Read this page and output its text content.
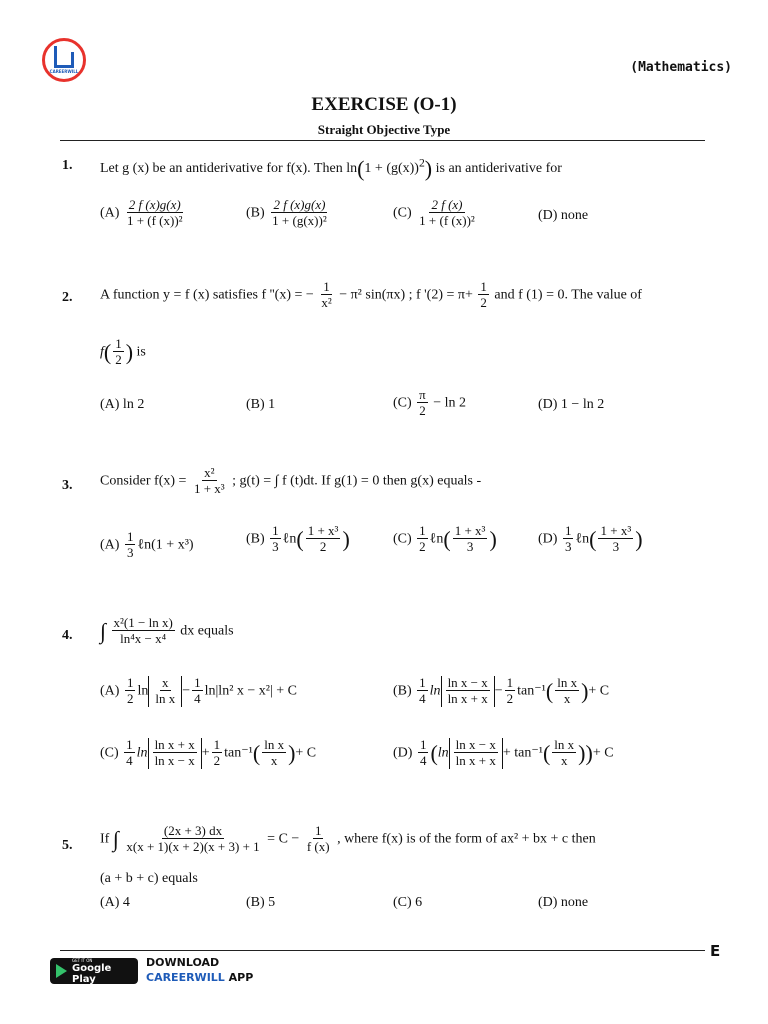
CAREERWILL	(Mathematics)
EXERCISE (O-1)
Straight Objective Type
1. Let g (x) be an antiderivative for f(x). Then $\ln(1 + (g(x))^2)$ is an antiderivative for
$(A) \frac{2 f (x)g(x)}{\text{1 + (f (x))²}}$	$(B) \frac{2 f (x)g(x)}{\text{1 + (g(x))²}}$	$(C) \frac{2 f (x)}{\text{1 + (f (x))²}}$	(D) none
2. A function y = f (x) satisfies f ''(x) = − $\frac{1}{\text{x²}} - \pi^2$ sin(πx) ; f '$(2) = \pi+ \frac{1}{2}$ and f (1) = 0. The value of
$f( \frac{1}{2}$ ) is
(A) ln 2	(B) 1	$(C) \frac{\pi}{2} - \ln 2$	(D) 1 − ln 2
3. Consider $f(x) = \frac{\text{x²}}{\text{1 + x³}}$ ; g(t) = ∫ f (t)dt. If g(1) = 0 then g(x) equals -
$(A) \frac{1}{3}$ ℓn(1 + x³)	$(B) \frac{1}{3}$ ℓn( $\frac{\text{1 + x³}}{2}$ )	$(C) \frac{1}{2}$ ℓn( $\frac{\text{1 + x³}}{3}$ )	$(D) \frac{1}{3}$ ℓn( $\frac{\text{1 + x³}}{3}$ )
4. ∫ $\frac{\text{x²(1 − ln x)}}{\text{ln⁴x − x⁴}}$ dx equals
$(A) \frac{1}{2}$ $\ln \frac{x}{\text{ln x}} - \frac{1}{4} \ln|\ln^2$ x − x²| + C	$(B) \frac{1}{4}$ $\ln \frac{\text{ln x − x}}{\text{ln x + x}} - \frac{1}{2} \tan^{-1}( \frac{\text{ln x}}{x}$ )+ C
$(C) \frac{1}{4}$ $\ln \frac{\text{ln x + x}}{\text{ln x − x}} + \frac{1}{2} \tan^{-1}( \frac{\text{ln x}}{x}$ )+ C	$(D) \frac{1}{4} (\ln \frac{\text{ln x − x}}{\text{ln x + x}} + \tan^{-1}( \frac{\text{ln x}}{x}$ ))+ C
5. If ∫ $\frac{(2x + 3) dx}{x(x + 1)(x + 2)(x + 3) + 1} = C - \frac{1}{f (x)}$ , where f(x) is of the form of ax² + bx + c then
(a + b + c) equals
(A) 4	(B) 5	(C) 6	(D) none
E
GET IT ON
Google Play
DOWNLOAD
CAREERWILL APP
